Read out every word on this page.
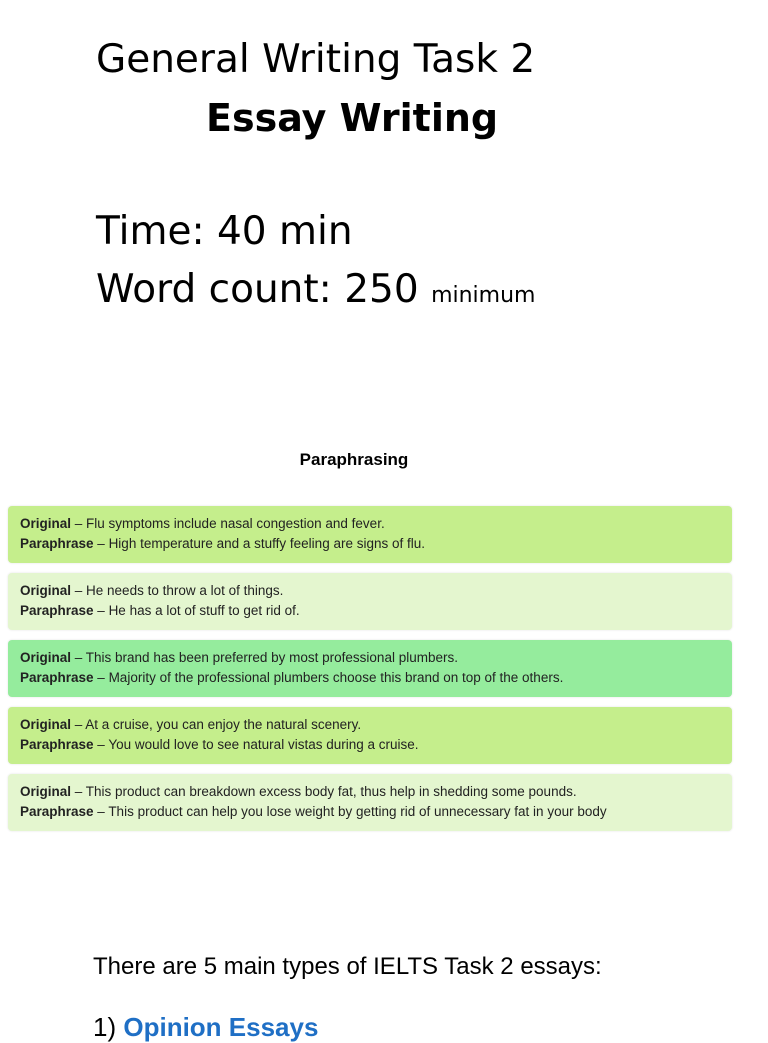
General Writing Task 2
Essay Writing
Time: 40 min
Word count: 250 minimum
Paraphrasing
Original – Flu symptoms include nasal congestion and fever.
Paraphrase – High temperature and a stuffy feeling are signs of flu.
Original – He needs to throw a lot of things.
Paraphrase – He has a lot of stuff to get rid of.
Original – This brand has been preferred by most professional plumbers.
Paraphrase – Majority of the professional plumbers choose this brand on top of the others.
Original – At a cruise, you can enjoy the natural scenery.
Paraphrase – You would love to see natural vistas during a cruise.
Original – This product can breakdown excess body fat, thus help in shedding some pounds.
Paraphrase – This product can help you lose weight by getting rid of unnecessary fat in your body
There are 5 main types of IELTS Task 2 essays:
1) Opinion Essays
